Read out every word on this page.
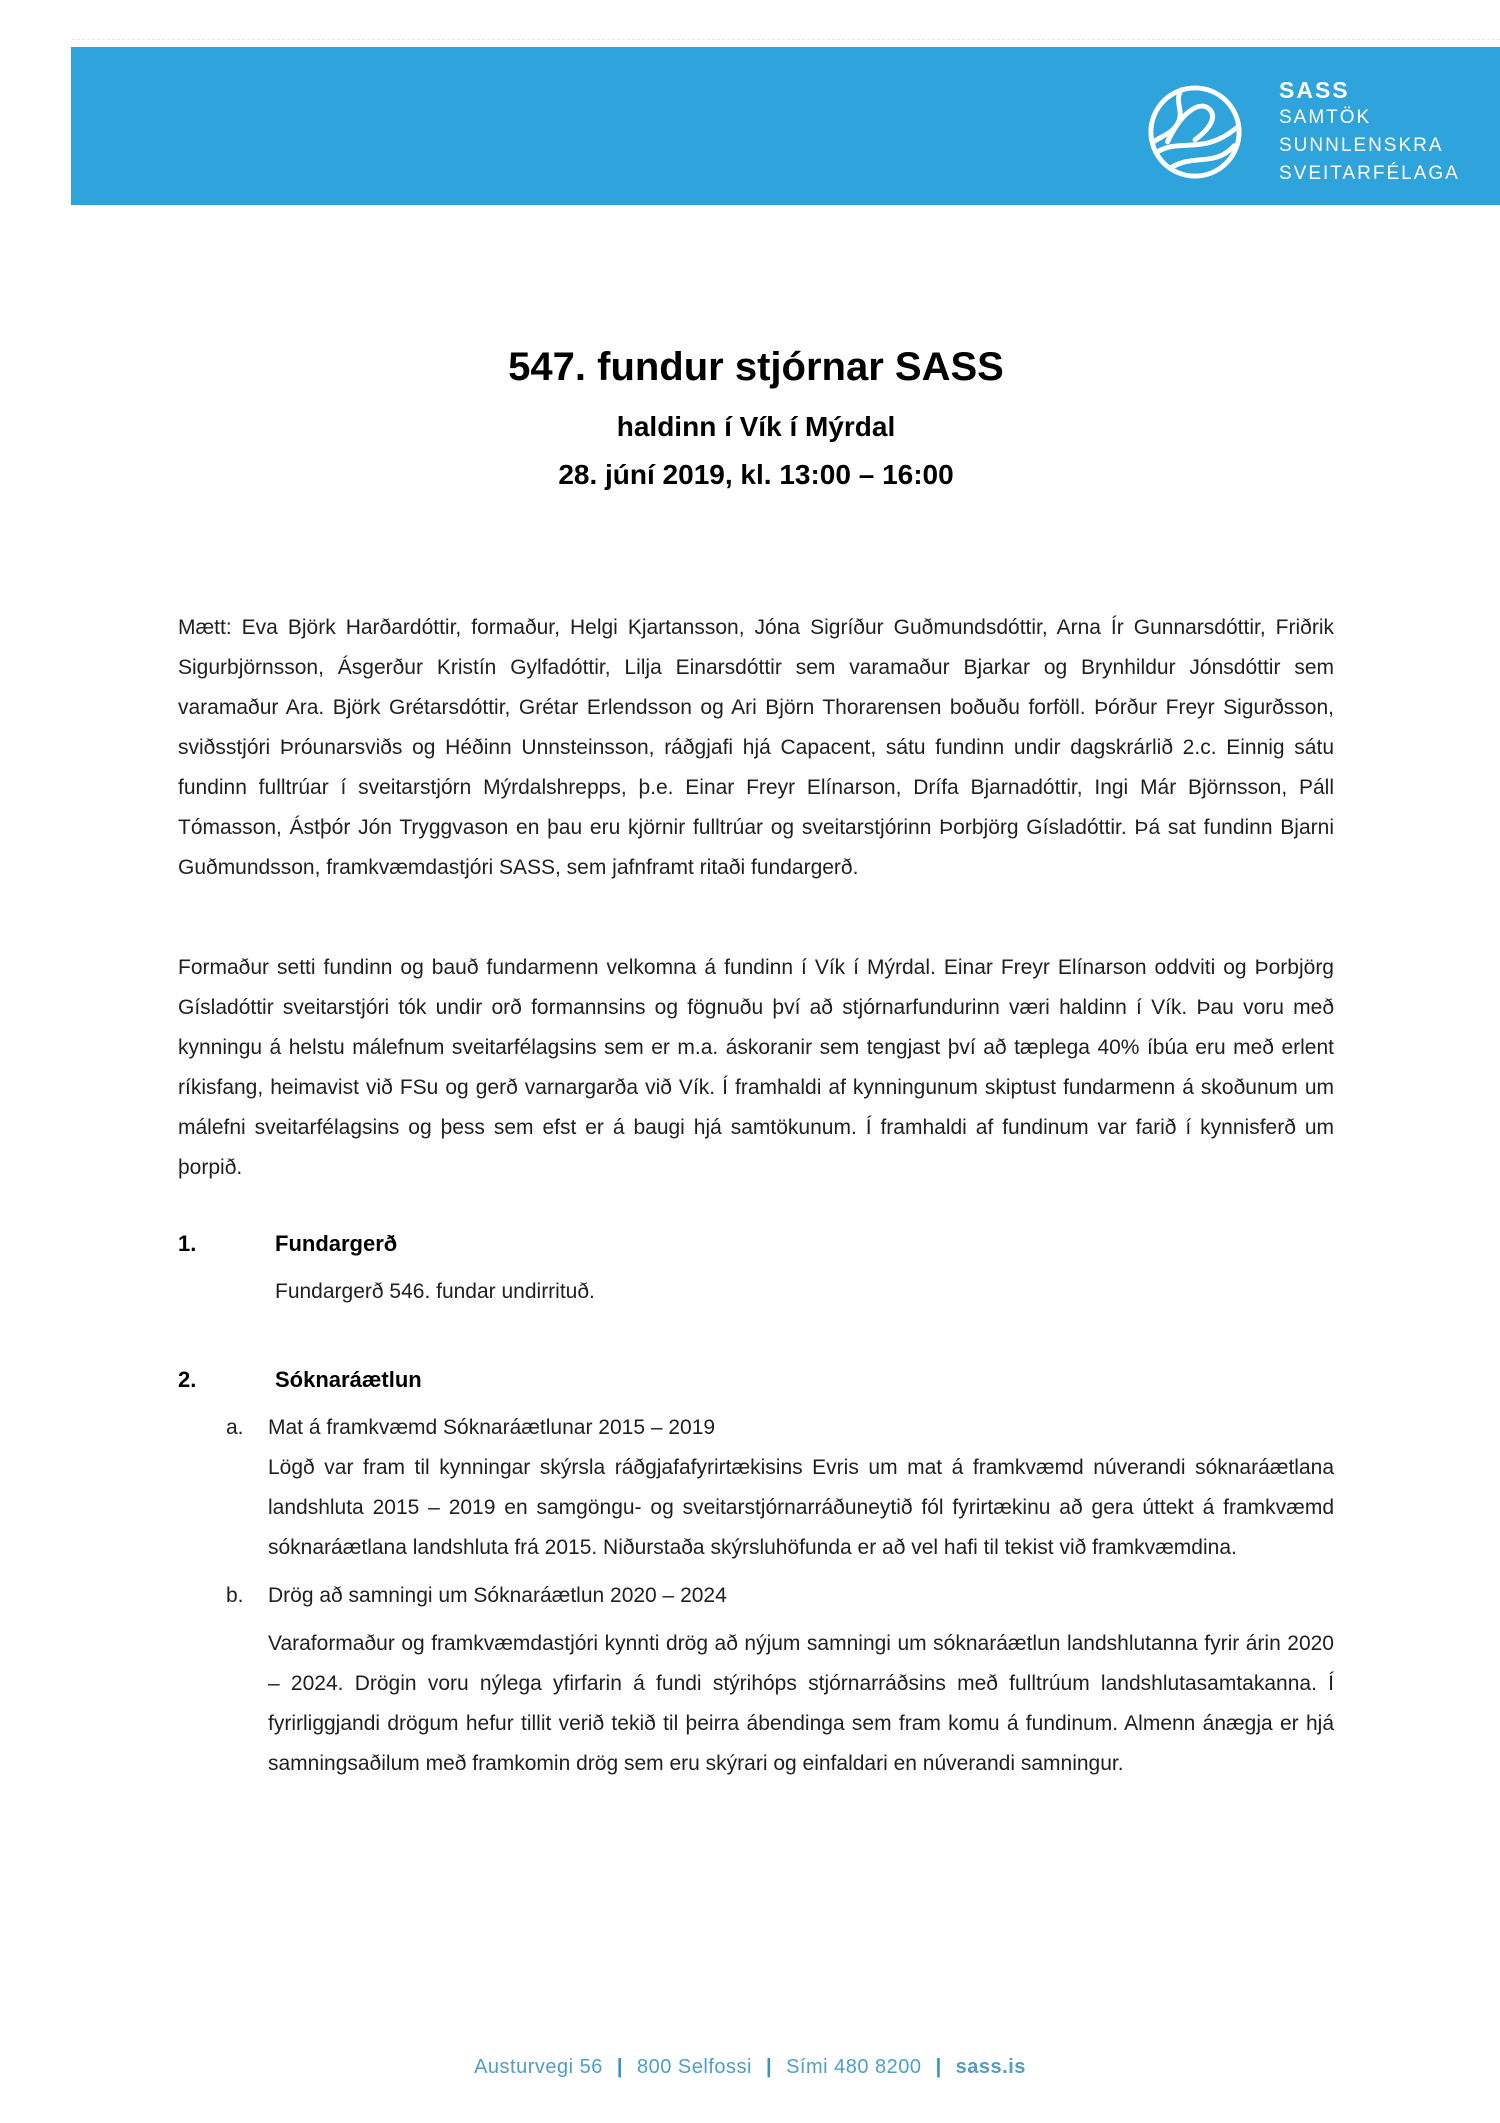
SASS
SAMTÖK
SUNNLENSKRA
SVEITARFÉLAGA
547. fundur stjórnar SASS
haldinn í Vík í Mýrdal
28. júní 2019, kl. 13:00 – 16:00

Mætt: Eva Björk Harðardóttir, formaður, Helgi Kjartansson, Jóna Sigríður Guðmundsdóttir, Arna Ír Gunnarsdóttir, Friðrik Sigurbjörnsson, Ásgerður Kristín Gylfadóttir, Lilja Einarsdóttir sem varamaður Bjarkar og Brynhildur Jónsdóttir sem varamaður Ara. Björk Grétarsdóttir, Grétar Erlendsson og Ari Björn Thorarensen boðuðu forföll. Þórður Freyr Sigurðsson, sviðsstjóri Þróunarsviðs og Héðinn Unnsteinsson, ráðgjafi hjá Capacent, sátu fundinn undir dagskrárlið 2.c. Einnig sátu fundinn fulltrúar í sveitarstjórn Mýrdalshrepps, þ.e. Einar Freyr Elínarson, Drífa Bjarnadóttir, Ingi Már Björnsson, Páll Tómasson, Ástþór Jón Tryggvason en þau eru kjörnir fulltrúar og sveitarstjórinn Þorbjörg Gísladóttir. Þá sat fundinn Bjarni Guðmundsson, framkvæmdastjóri SASS, sem jafnframt ritaði fundargerð.

Formaður setti fundinn og bauð fundarmenn velkomna á fundinn í Vík í Mýrdal. Einar Freyr Elínarson oddviti og Þorbjörg Gísladóttir sveitarstjóri tók undir orð formannsins og fögnuðu því að stjórnarfundurinn væri haldinn í Vík. Þau voru með kynningu á helstu málefnum sveitarfélagsins sem er m.a. áskoranir sem tengjast því að tæplega 40% íbúa eru með erlent ríkisfang, heimavist við FSu og gerð varnargarða við Vík. Í framhaldi af kynningunum skiptust fundarmenn á skoðunum um málefni sveitarfélagsins og þess sem efst er á baugi hjá samtökunum. Í framhaldi af fundinum var farið í kynnisferð um þorpið.

1.	Fundargerð
Fundargerð 546. fundar undirrituð.
2.	Sóknaráætlun
a. Mat á framkvæmd Sóknaráætlunar 2015 – 2019
Lögð var fram til kynningar skýrsla ráðgjafafyrirtækisins Evris um mat á framkvæmd núverandi sóknaráætlana landshluta 2015 – 2019 en samgöngu- og sveitarstjórnarráðuneytið fól fyrirtækinu að gera úttekt á framkvæmd sóknaráætlana landshluta frá 2015. Niðurstaða skýrsluhöfunda er að vel hafi til tekist við framkvæmdina.
b. Drög að samningi um Sóknaráætlun 2020 – 2024
Varaformaður og framkvæmdastjóri kynnti drög að nýjum samningi um sóknaráætlun landshlutanna fyrir árin 2020 – 2024. Drögin voru nýlega yfirfarin á fundi stýrihóps stjórnarráðsins með fulltrúum landshlutasamtakanna. Í fyrirliggjandi drögum hefur tillit verið tekið til þeirra ábendinga sem fram komu á fundinum. Almenn ánægja er hjá samningsaðilum með framkomin drög sem eru skýrari og einfaldari en núverandi samningur.
Austurvegi 56 | 800 Selfossi | Sími 480 8200 | sass.is
